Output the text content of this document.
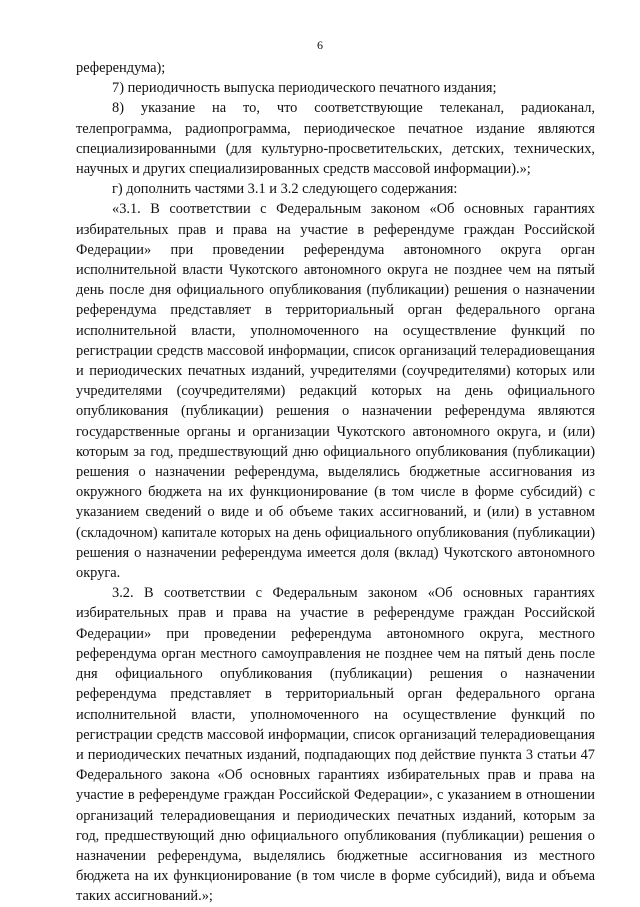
6

референдума);

7) периодичность выпуска периодического печатного издания;

8) указание на то, что соответствующие телеканал, радиоканал, телепрограмма, радиопрограмма, периодическое печатное издание являются специализированными (для культурно-просветительских, детских, технических, научных и других специализированных средств массовой информации).»;

г) дополнить частями 3.1 и 3.2 следующего содержания:

«3.1. В соответствии с Федеральным законом «Об основных гарантиях избирательных прав и права на участие в референдуме граждан Российской Федерации» при проведении референдума автономного округа орган исполнительной власти Чукотского автономного округа не позднее чем на пятый день после дня официального опубликования (публикации) решения о назначении референдума представляет в территориальный орган федерального органа исполнительной власти, уполномоченного на осуществление функций по регистрации средств массовой информации, список организаций телерадиовещания и периодических печатных изданий, учредителями (соучредителями) которых или учредителями (соучредителями) редакций которых на день официального опубликования (публикации) решения о назначении референдума являются государственные органы и организации Чукотского автономного округа, и (или) которым за год, предшествующий дню официального опубликования (публикации) решения о назначении референдума, выделялись бюджетные ассигнования из окружного бюджета на их функционирование (в том числе в форме субсидий) с указанием сведений о виде и об объеме таких ассигнований, и (или) в уставном (складочном) капитале которых на день официального опубликования (публикации) решения о назначении референдума имеется доля (вклад) Чукотского автономного округа.

3.2. В соответствии с Федеральным законом «Об основных гарантиях избирательных прав и права на участие в референдуме граждан Российской Федерации» при проведении референдума автономного округа, местного референдума орган местного самоуправления не позднее чем на пятый день после дня официального опубликования (публикации) решения о назначении референдума представляет в территориальный орган федерального органа исполнительной власти, уполномоченного на осуществление функций по регистрации средств массовой информации, список организаций телерадиовещания и периодических печатных изданий, подпадающих под действие пункта 3 статьи 47 Федерального закона «Об основных гарантиях избирательных прав и права на участие в референдуме граждан Российской Федерации», с указанием в отношении организаций телерадиовещания и периодических печатных изданий, которым за год, предшествующий дню официального опубликования (публикации) решения о назначении референдума, выделялись бюджетные ассигнования из местного бюджета на их функционирование (в том числе в форме субсидий), вида и объема таких ассигнований.»;
